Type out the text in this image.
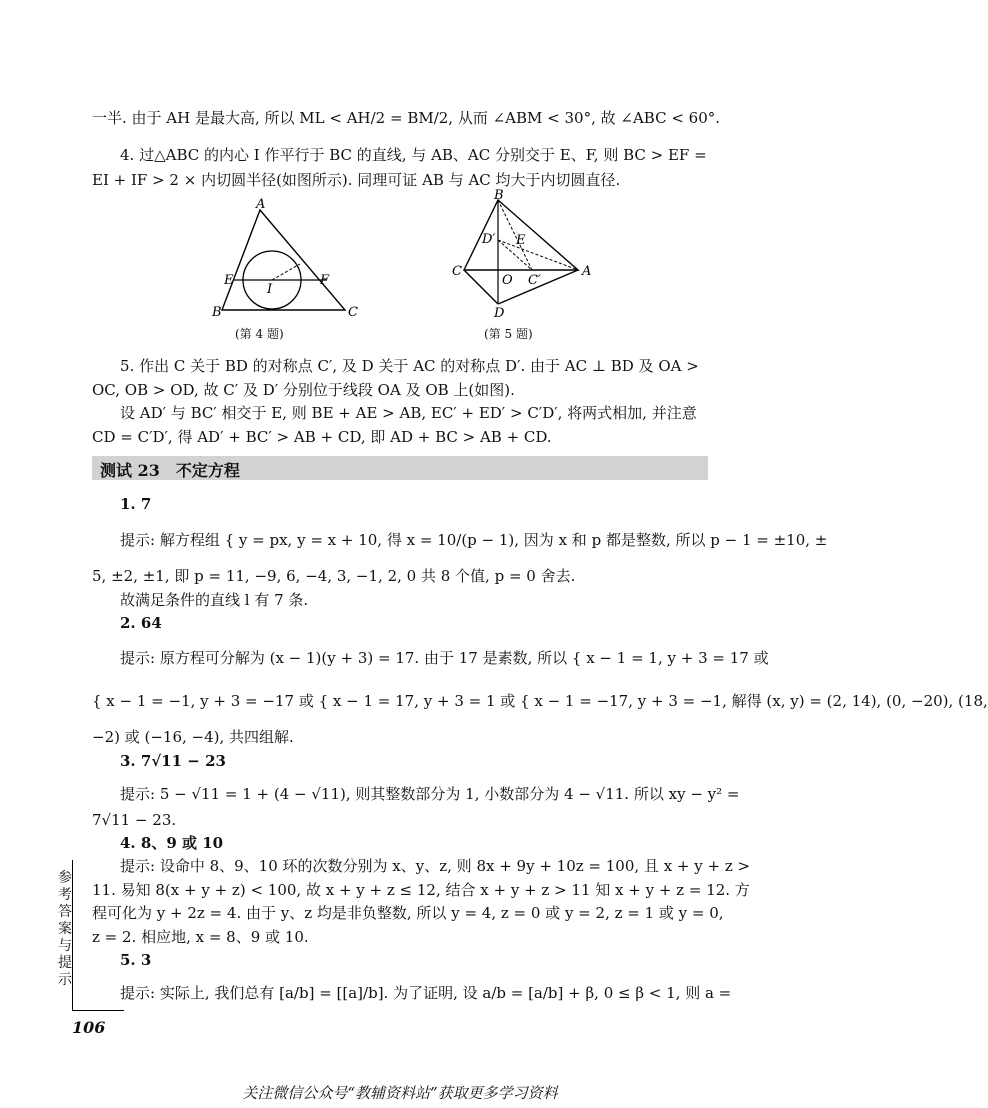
一半. 由于 AH 是最大高, 所以 ML < AH/2 = BM/2, 从而 ∠ABM < 30°, 故 ∠ABC < 60°.
4. 过△ABC 的内心 I 作平行于 BC 的直线, 与 AB、AC 分别交于 E、F, 则 BC > EF =
EI + IF > 2 × 内切圆半径(如图所示). 同理可证 AB 与 AC 均大于内切圆直径.
A
B	C
E	F
I
(第 4 题)
B
C	A
D
O
E
D′
C′
(第 5 题)
5. 作出 C 关于 BD 的对称点 C′, 及 D 关于 AC 的对称点 D′. 由于 AC ⊥ BD 及 OA >
OC, OB > OD, 故 C′ 及 D′ 分别位于线段 OA 及 OB 上(如图).
设 AD′ 与 BC′ 相交于 E, 则 BE + AE > AB, EC′ + ED′ > C′D′, 将两式相加, 并注意
CD = C′D′, 得 AD′ + BC′ > AB + CD, 即 AD + BC > AB + CD.
测试 23　不定方程
1. 7
提示: 解方程组 { y = px, y = x + 10, 得 x = 10/(p − 1), 因为 x 和 p 都是整数, 所以 p − 1 = ±10, ±
5, ±2, ±1, 即 p = 11, −9, 6, −4, 3, −1, 2, 0 共 8 个值, p = 0 舍去.
故满足条件的直线 l 有 7 条.
2. 64
提示: 原方程可分解为 (x − 1)(y + 3) = 17. 由于 17 是素数, 所以 { x − 1 = 1, y + 3 = 17 或
{ x − 1 = −1, y + 3 = −17 或 { x − 1 = 17, y + 3 = 1 或 { x − 1 = −17, y + 3 = −1, 解得 (x, y) = (2, 14), (0, −20), (18,
−2) 或 (−16, −4), 共四组解.
3. 7√11 − 23
提示: 5 − √11 = 1 + (4 − √11), 则其整数部分为 1, 小数部分为 4 − √11. 所以 xy − y² =
7√11 − 23.
4. 8、9 或 10
提示: 设命中 8、9、10 环的次数分别为 x、y、z, 则 8x + 9y + 10z = 100, 且 x + y + z >
11. 易知 8(x + y + z) < 100, 故 x + y + z ≤ 12, 结合 x + y + z > 11 知 x + y + z = 12. 方
程可化为 y + 2z = 4. 由于 y、z 均是非负整数, 所以 y = 4, z = 0 或 y = 2, z = 1 或 y = 0,
z = 2. 相应地, x = 8、9 或 10.
5. 3
提示: 实际上, 我们总有 [a/b] = [[a]/b]. 为了证明, 设 a/b = [a/b] + β, 0 ≤ β < 1, 则 a =
参考答案与提示
106
关注微信公众号“教辅资料站”获取更多学习资料
